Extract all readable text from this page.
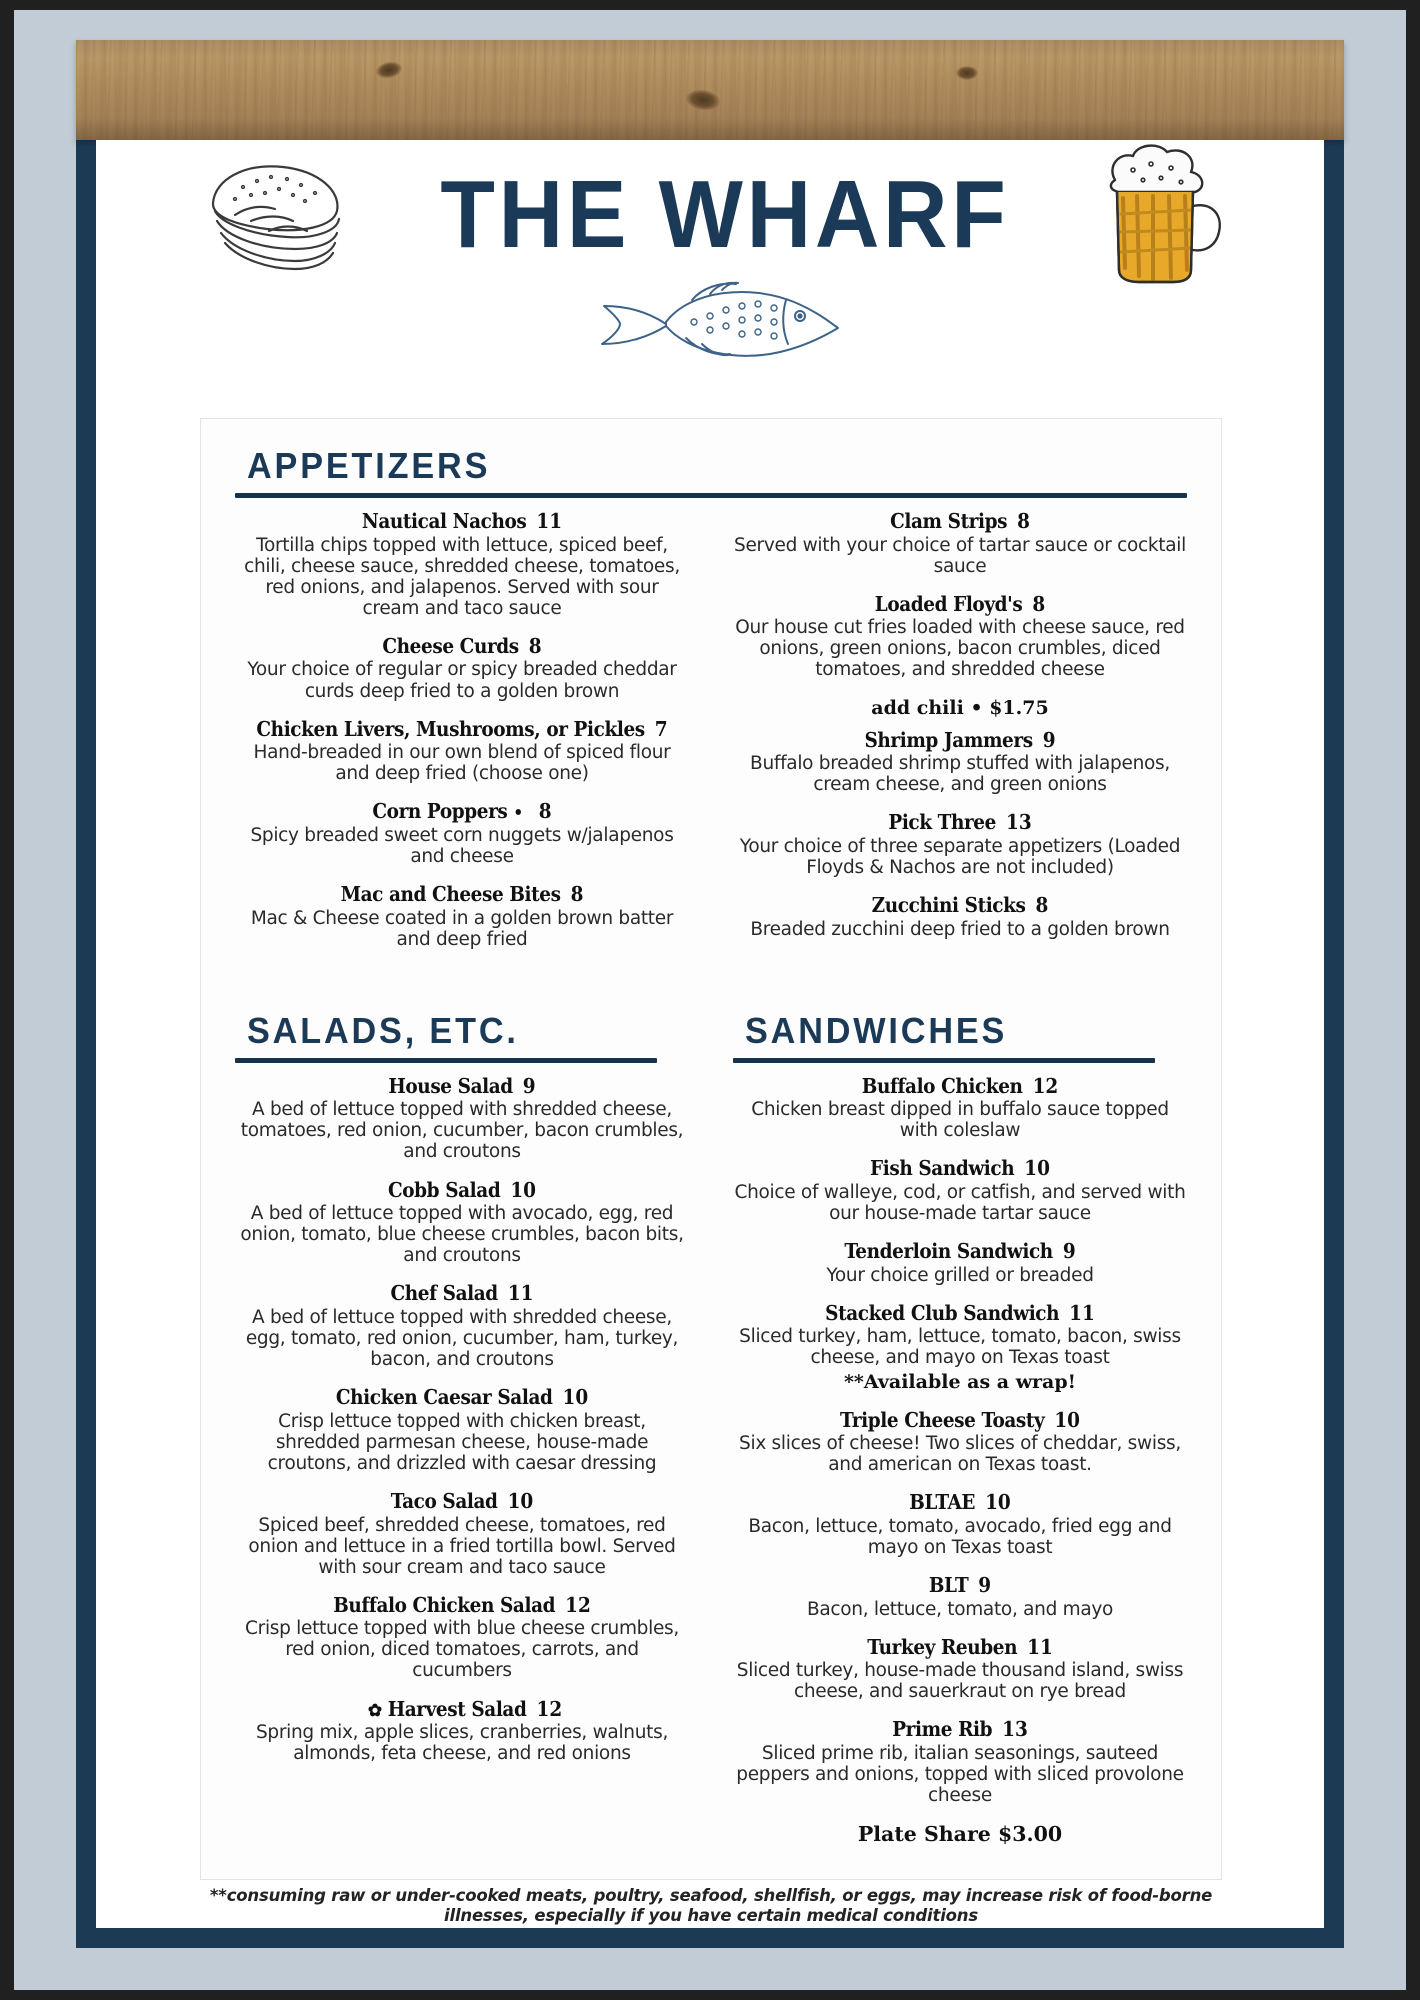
THE WHARF
APPETIZERS
Nautical Nachos 11
Tortilla chips topped with lettuce, spiced beef, chili, cheese sauce, shredded cheese, tomatoes, red onions, and jalapenos. Served with sour cream and taco sauce
Cheese Curds 8
Your choice of regular or spicy breaded cheddar curds deep fried to a golden brown
Chicken Livers, Mushrooms, or Pickles 7
Hand-breaded in our own blend of spiced flour and deep fried (choose one)
Corn Poppers • 8
Spicy breaded sweet corn nuggets w/jalapenos and cheese
Mac and Cheese Bites 8
Mac & Cheese coated in a golden brown batter and deep fried
Clam Strips 8
Served with your choice of tartar sauce or cocktail sauce
Loaded Floyd's 8
Our house cut fries loaded with cheese sauce, red onions, green onions, bacon crumbles, diced tomatoes, and shredded cheese
add chili • $1.75
Shrimp Jammers 9
Buffalo breaded shrimp stuffed with jalapenos, cream cheese, and green onions
Pick Three 13
Your choice of three separate appetizers (Loaded Floyds & Nachos are not included)
Zucchini Sticks 8
Breaded zucchini deep fried to a golden brown
SALADS, ETC.	SANDWICHES
House Salad 9
A bed of lettuce topped with shredded cheese, tomatoes, red onion, cucumber, bacon crumbles, and croutons
Cobb Salad 10
A bed of lettuce topped with avocado, egg, red onion, tomato, blue cheese crumbles, bacon bits, and croutons
Chef Salad 11
A bed of lettuce topped with shredded cheese, egg, tomato, red onion, cucumber, ham, turkey, bacon, and croutons
Chicken Caesar Salad 10
Crisp lettuce topped with chicken breast, shredded parmesan cheese, house-made croutons, and drizzled with caesar dressing
Taco Salad 10
Spiced beef, shredded cheese, tomatoes, red onion and lettuce in a fried tortilla bowl. Served with sour cream and taco sauce
Buffalo Chicken Salad 12
Crisp lettuce topped with blue cheese crumbles, red onion, diced tomatoes, carrots, and cucumbers
✿ Harvest Salad 12
Spring mix, apple slices, cranberries, walnuts, almonds, feta cheese, and red onions
Buffalo Chicken 12
Chicken breast dipped in buffalo sauce topped with coleslaw
Fish Sandwich 10
Choice of walleye, cod, or catfish, and served with our house-made tartar sauce
Tenderloin Sandwich 9
Your choice grilled or breaded
Stacked Club Sandwich 11
Sliced turkey, ham, lettuce, tomato, bacon, swiss cheese, and mayo on Texas toast
**Available as a wrap!
Triple Cheese Toasty 10
Six slices of cheese! Two slices of cheddar, swiss, and american on Texas toast.
BLTAE 10
Bacon, lettuce, tomato, avocado, fried egg and mayo on Texas toast
BLT 9
Bacon, lettuce, tomato, and mayo
Turkey Reuben 11
Sliced turkey, house-made thousand island, swiss cheese, and sauerkraut on rye bread
Prime Rib 13
Sliced prime rib, italian seasonings, sauteed peppers and onions, topped with sliced provolone cheese
Plate Share $3.00
**consuming raw or under-cooked meats, poultry, seafood, shellfish, or eggs, may increase risk of food-borne illnesses, especially if you have certain medical conditions
